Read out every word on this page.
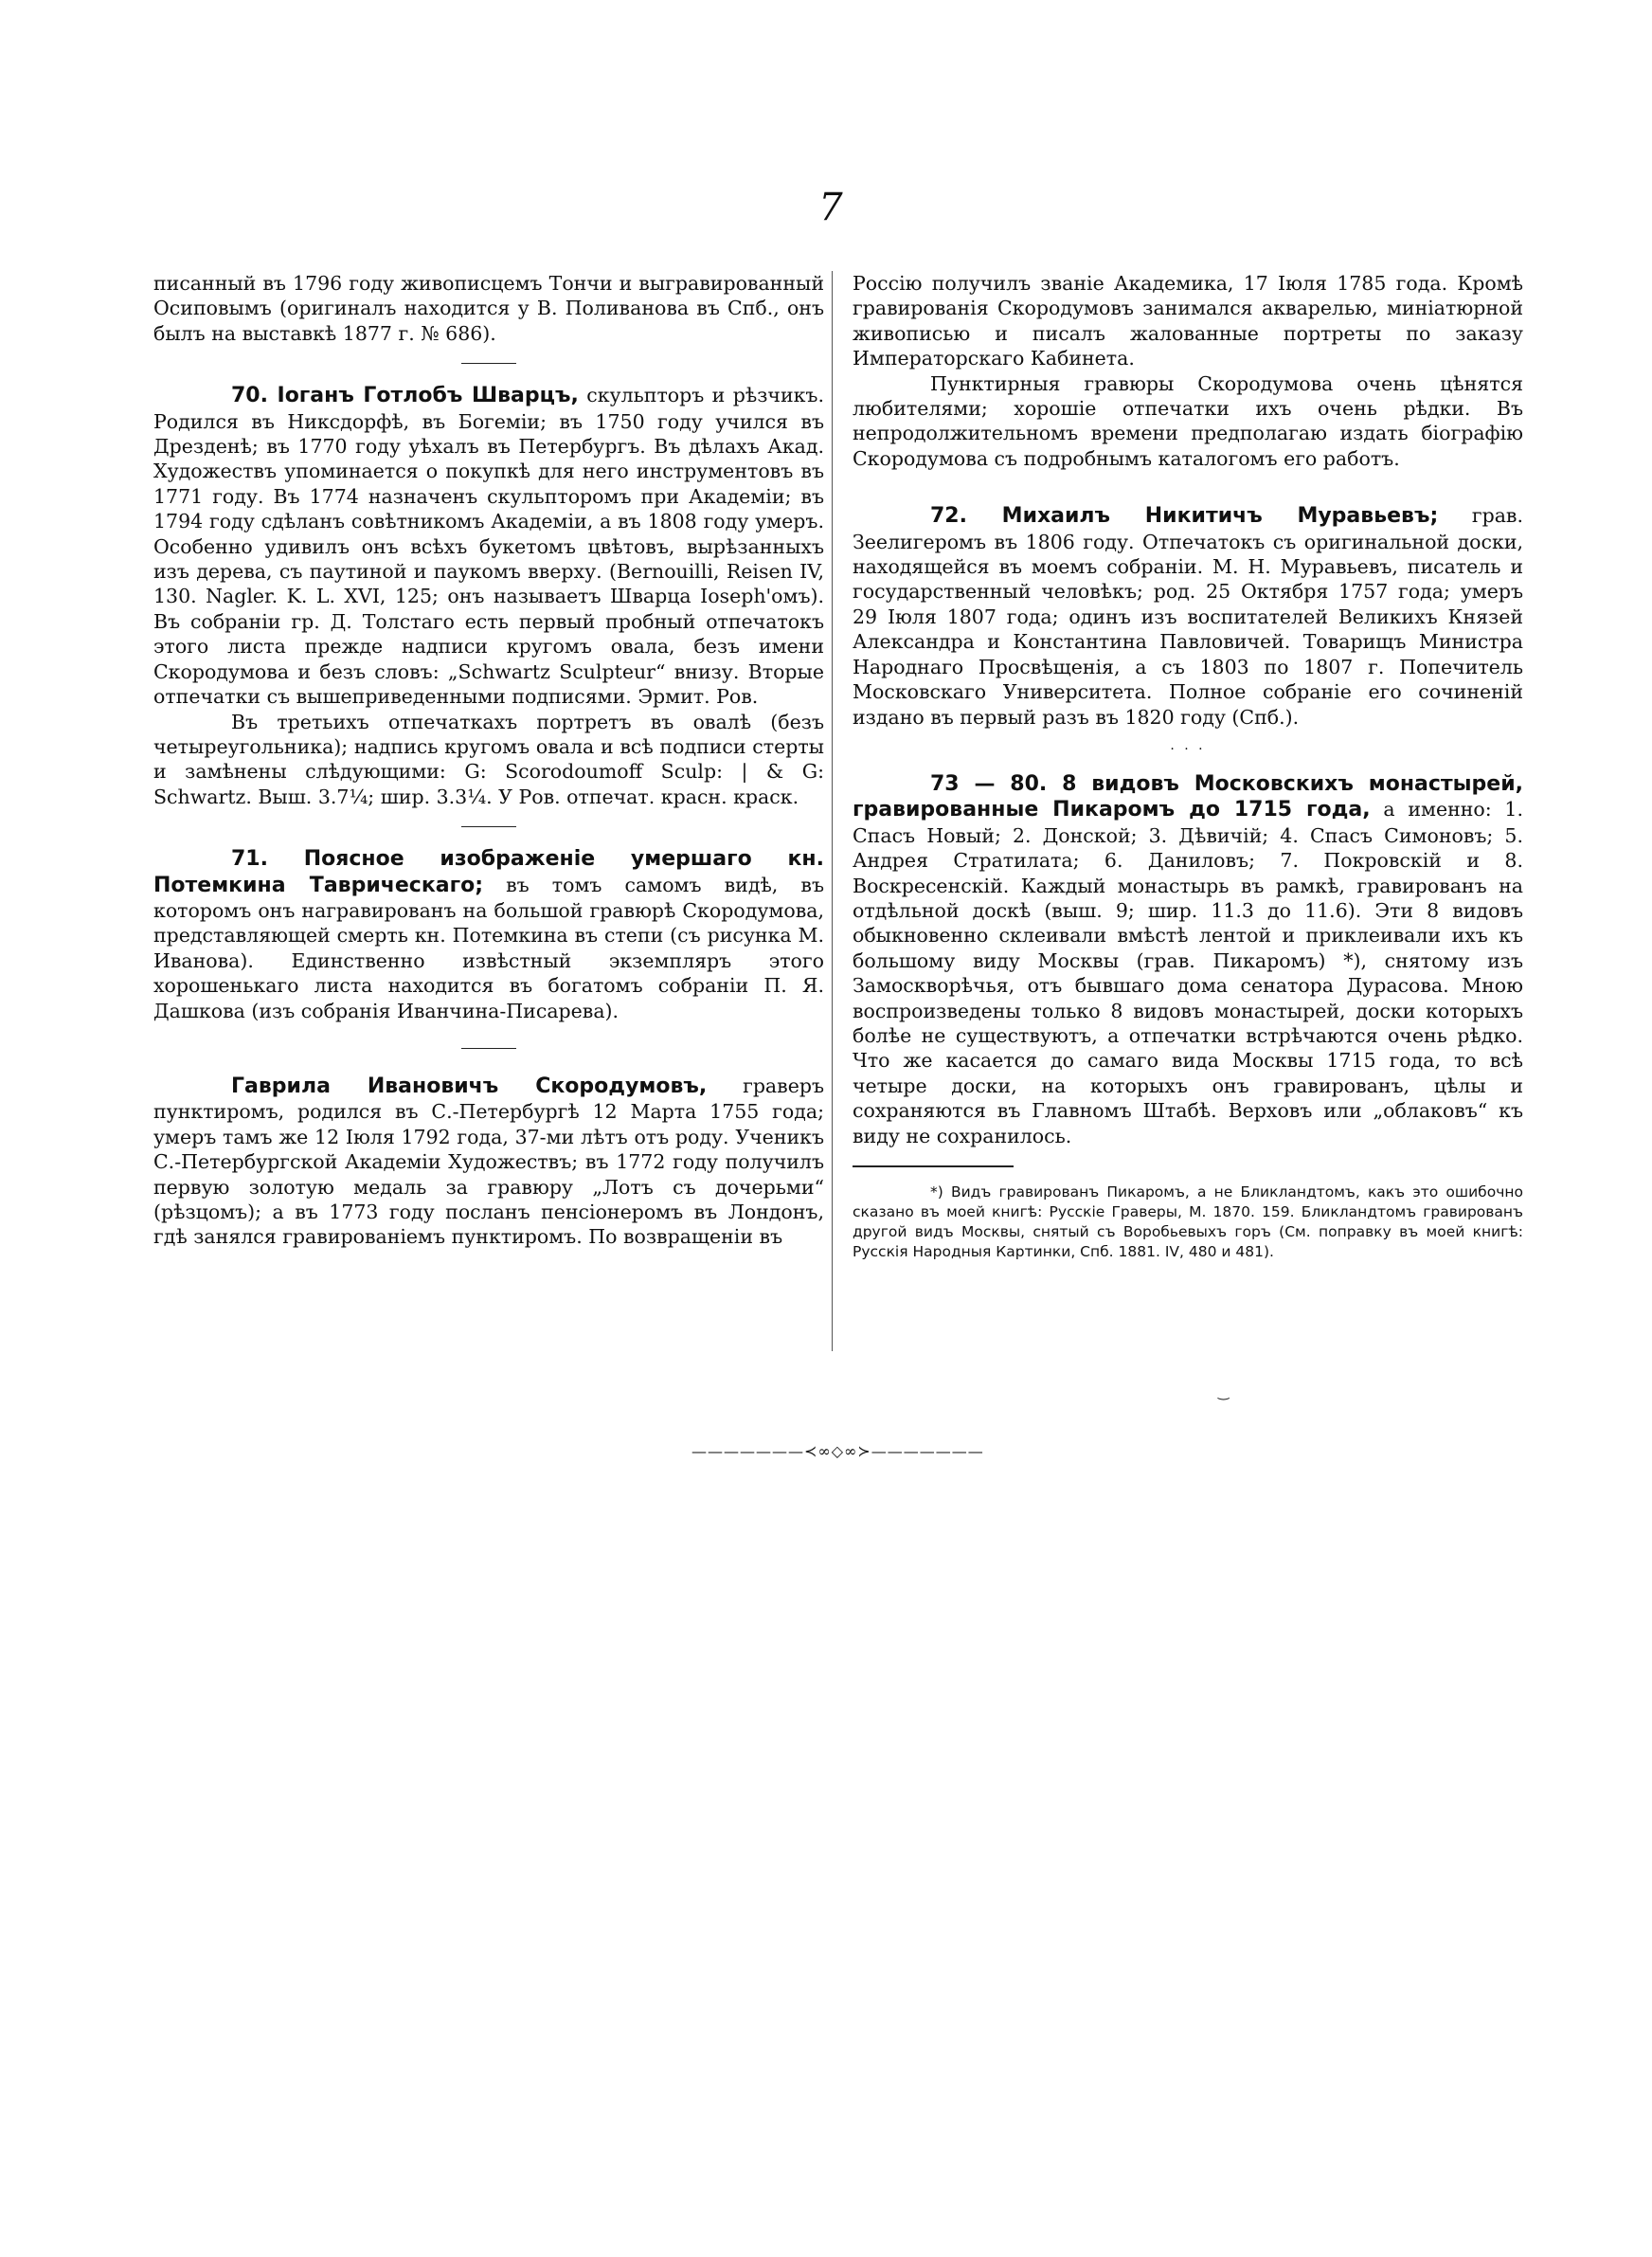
7

писанный въ 1796 году живописцемъ Тончи и выгравированный Осиповымъ (оригиналъ находится у В. Поливанова въ Спб., онъ былъ на выставкѣ 1877 г. № 686).

70. Іоганъ Готлобъ Шварцъ, скульпторъ и рѣзчикъ. Родился въ Никсдорфѣ, въ Богеміи; въ 1750 году учился въ Дрезденѣ; въ 1770 году уѣхалъ въ Петербургъ. Въ дѣлахъ Акад. Художествъ упоминается о покупкѣ для него инструментовъ въ 1771 году. Въ 1774 назначенъ скульпторомъ при Академіи; въ 1794 году сдѣланъ совѣтникомъ Академіи, а въ 1808 году умеръ. Особенно удивилъ онъ всѣхъ букетомъ цвѣтовъ, вырѣзанныхъ изъ дерева, съ паутиной и паукомъ вверху. (Bernouilli, Reisen IV, 130. Nagler. K. L. XVI, 125; онъ называетъ Шварца Ioseph'омъ). Въ собраніи гр. Д. Толстаго есть первый пробный отпечатокъ этого листа прежде надписи кругомъ овала, безъ имени Скородумова и безъ словъ: „Schwartz Sculpteur“ внизу. Вторые отпечатки съ вышеприведенными подписями. Эрмит. Ров.

Въ третьихъ отпечаткахъ портретъ въ овалѣ (безъ четыреугольника); надпись кругомъ овала и всѣ подписи стерты и замѣнены слѣдующими: G: Scorodoumoff Sculp: | & G: Schwartz. Выш. 3.7¼; шир. 3.3¼. У Ров. отпечат. красн. краск.

71. Поясное изображеніе умершаго кн. Потемкина Таврическаго; въ томъ самомъ видѣ, въ которомъ онъ награвированъ на большой гравюрѣ Скородумова, представляющей смерть кн. Потемкина въ степи (съ рисунка М. Иванова). Единственно извѣстный экземпляръ этого хорошенькаго листа находится въ богатомъ собраніи П. Я. Дашкова (изъ собранія Иванчина-Писарева).

Гаврила Ивановичъ Скородумовъ, граверъ пунктиромъ, родился въ С.-Петербургѣ 12 Марта 1755 года; умеръ тамъ же 12 Іюля 1792 года, 37-ми лѣтъ отъ роду. Ученикъ С.-Петербургской Академіи Художествъ; въ 1772 году получилъ первую золотую медаль за гравюру „Лотъ съ дочерьми“ (рѣзцомъ); а въ 1773 году посланъ пенсіонеромъ въ Лондонъ, гдѣ занялся гравированіемъ пунктиромъ. По возвращеніи въ

Россію получилъ званіе Академика, 17 Іюля 1785 года. Кромѣ гравированія Скородумовъ занимался акварелью, миніатюрной живописью и писалъ жалованные портреты по заказу Императорскаго Кабинета.

Пунктирныя гравюры Скородумова очень цѣнятся любителями; хорошіе отпечатки ихъ очень рѣдки. Въ непродолжительномъ времени предполагаю издать біографію Скородумова съ подробнымъ каталогомъ его работъ.

72. Михаилъ Никитичъ Муравьевъ; грав. Зеелигеромъ въ 1806 году. Отпечатокъ съ оригинальной доски, находящейся въ моемъ собраніи. М. Н. Муравьевъ, писатель и государственный человѣкъ; род. 25 Октября 1757 года; умеръ 29 Іюля 1807 года; одинъ изъ воспитателей Великихъ Князей Александра и Константина Павловичей. Товарищъ Министра Народнаго Просвѣщенія, а съ 1803 по 1807 г. Попечитель Московскаго Университета. Полное собраніе его сочиненій издано въ первый разъ въ 1820 году (Спб.).

· · ·

73 — 80. 8 видовъ Московскихъ монастырей, гравированные Пикаромъ до 1715 года, а именно: 1. Спасъ Новый; 2. Донской; 3. Дѣвичій; 4. Спасъ Симоновъ; 5. Андрея Стратилата; 6. Даниловъ; 7. Покровскій и 8. Воскресенскій. Каждый монастырь въ рамкѣ, гравированъ на отдѣльной доскѣ (выш. 9; шир. 11.3 до 11.6). Эти 8 видовъ обыкновенно склеивали вмѣстѣ лентой и приклеивали ихъ къ большому виду Москвы (грав. Пикаромъ) *), снятому изъ Замоскворѣчья, отъ бывшаго дома сенатора Дурасова. Мною воспроизведены только 8 видовъ монастырей, доски которыхъ болѣе не существуютъ, а отпечатки встрѣчаются очень рѣдко. Что же касается до самаго вида Москвы 1715 года, то всѣ четыре доски, на которыхъ онъ гравированъ, цѣлы и сохраняются въ Главномъ Штабѣ. Верховъ или „облаковъ“ къ виду не сохранилось.

*) Видъ гравированъ Пикаромъ, а не Бликландтомъ, какъ это ошибочно сказано въ моей книгѣ: Русскіе Граверы, М. 1870. 159. Бликландтомъ гравированъ другой видъ Москвы, снятый съ Воробьевыхъ горъ (См. поправку въ моей книгѣ: Русскія Народныя Картинки, Спб. 1881. IV, 480 и 481).

‿
———————≺∞◇∞≻———————
